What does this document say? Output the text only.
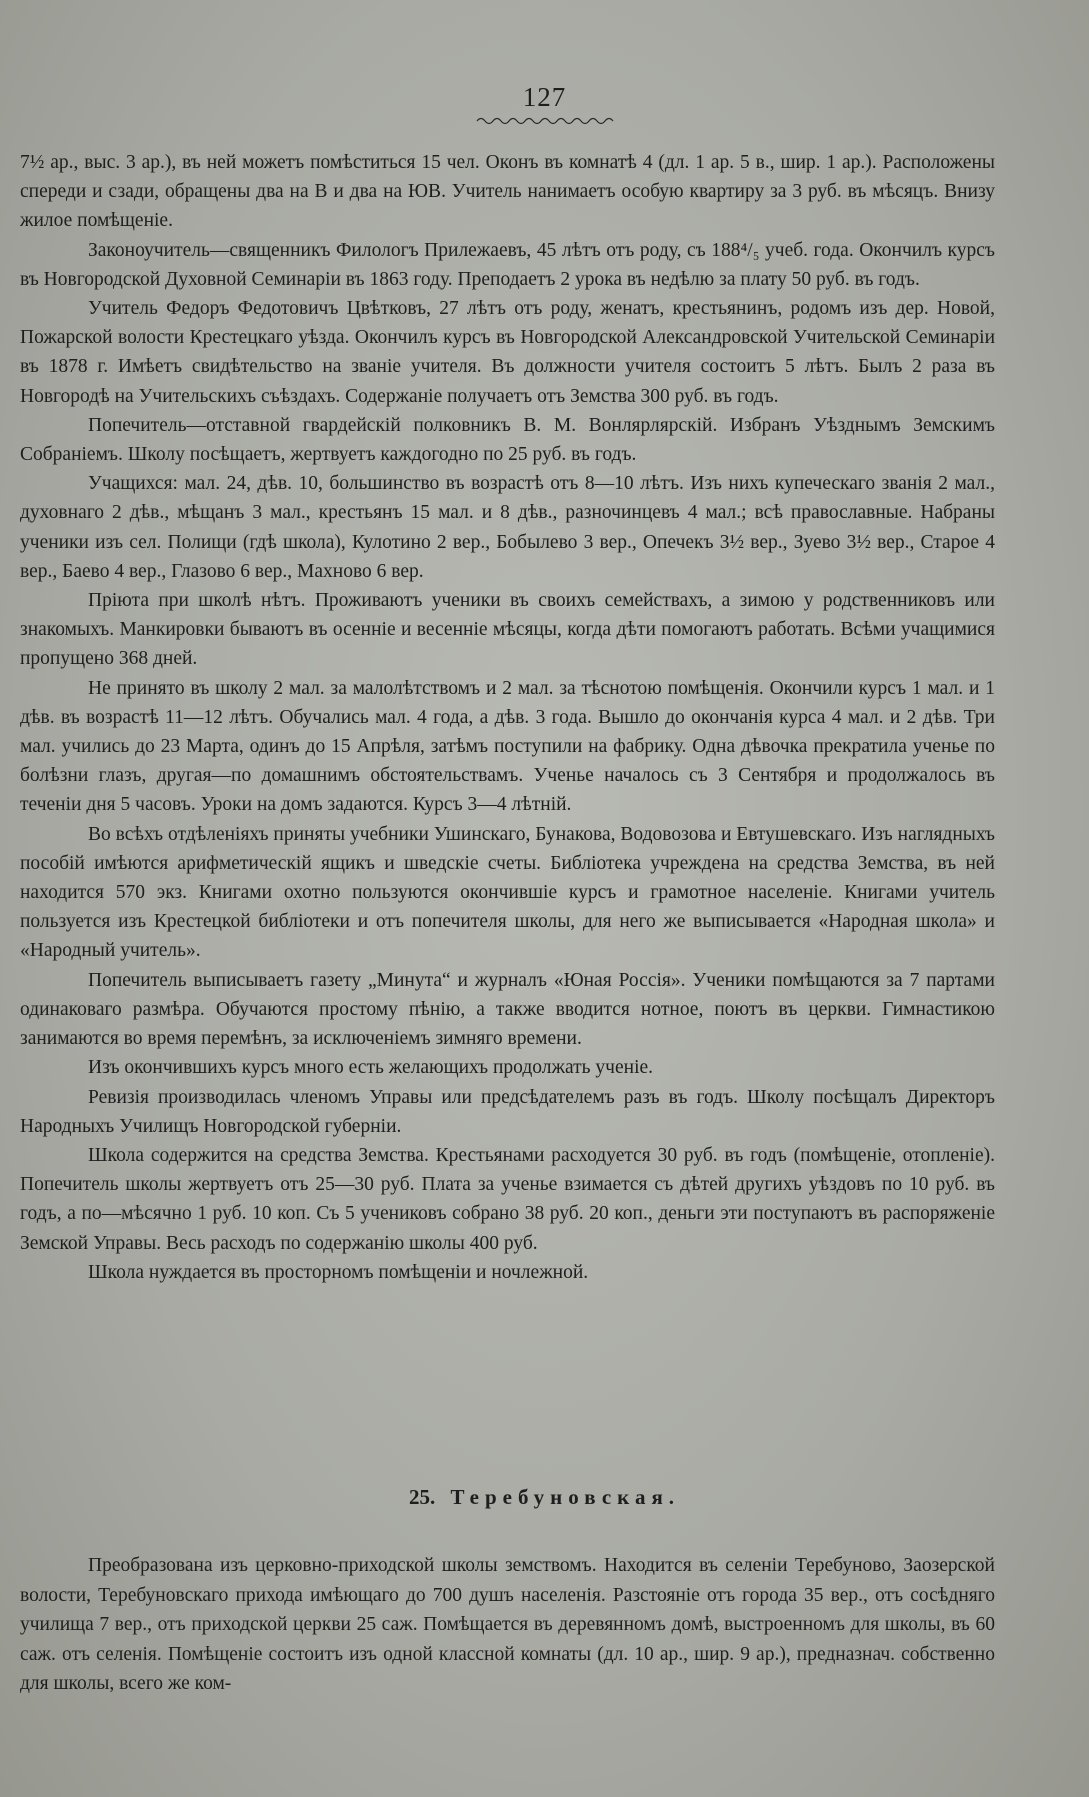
127

7½ ар., выс. 3 ар.), въ ней можетъ помѣститься 15 чел. Оконъ въ комнатѣ 4 (дл. 1 ар. 5 в., шир. 1 ар.). Расположены спереди и сзади, обращены два на В и два на ЮВ. Учитель нанимаетъ особую квартиру за 3 руб. въ мѣсяцъ. Внизу жилое помѣщеніе.

Законоучитель—священникъ Филологъ Прилежаевъ, 45 лѣтъ отъ роду, съ 188⁴/₅ учеб. года. Окончилъ курсъ въ Новгородской Духовной Семинаріи въ 1863 году. Преподаетъ 2 урока въ недѣлю за плату 50 руб. въ годъ.

Учитель Федоръ Федотовичъ Цвѣтковъ, 27 лѣтъ отъ роду, женатъ, крестьянинъ, родомъ изъ дер. Новой, Пожарской волости Крестецкаго уѣзда. Окончилъ курсъ въ Новгородской Александровской Учительской Семинаріи въ 1878 г. Имѣетъ свидѣтельство на званіе учителя. Въ должности учителя состоитъ 5 лѣтъ. Былъ 2 раза въ Новгородѣ на Учительскихъ съѣздахъ. Содержаніе получаетъ отъ Земства 300 руб. въ годъ.

Попечитель—отставной гвардейскій полковникъ В. М. Вонлярлярскій. Избранъ Уѣзднымъ Земскимъ Собраніемъ. Школу посѣщаетъ, жертвуетъ каждогодно по 25 руб. въ годъ.

Учащихся: мал. 24, дѣв. 10, большинство въ возрастѣ отъ 8—10 лѣтъ. Изъ нихъ купеческаго званія 2 мал., духовнаго 2 дѣв., мѣщанъ 3 мал., крестьянъ 15 мал. и 8 дѣв., разночинцевъ 4 мал.; всѣ православные. Набраны ученики изъ сел. Полищи (гдѣ школа), Кулотино 2 вер., Бобылево 3 вер., Опечекъ 3½ вер., Зуево 3½ вер., Старое 4 вер., Баево 4 вер., Глазово 6 вер., Махново 6 вер.

Пріюта при школѣ нѣтъ. Проживаютъ ученики въ своихъ семействахъ, а зимою у родственниковъ или знакомыхъ. Манкировки бываютъ въ осенніе и весенніе мѣсяцы, когда дѣти помогаютъ работать. Всѣми учащимися пропущено 368 дней.

Не принято въ школу 2 мал. за малолѣтствомъ и 2 мал. за тѣснотою помѣщенія. Окончили курсъ 1 мал. и 1 дѣв. въ возрастѣ 11—12 лѣтъ. Обучались мал. 4 года, а дѣв. 3 года. Вышло до окончанія курса 4 мал. и 2 дѣв. Три мал. учились до 23 Марта, одинъ до 15 Апрѣля, затѣмъ поступили на фабрику. Одна дѣвочка прекратила ученье по болѣзни глазъ, другая—по домашнимъ обстоятельствамъ. Ученье началось съ 3 Сентября и продолжалось въ теченіи дня 5 часовъ. Уроки на домъ задаются. Курсъ 3—4 лѣтній.

Во всѣхъ отдѣленіяхъ приняты учебники Ушинскаго, Бунакова, Водовозова и Евтушевскаго. Изъ наглядныхъ пособій имѣются арифметическій ящикъ и шведскіе счеты. Библіотека учреждена на средства Земства, въ ней находится 570 экз. Книгами охотно пользуются окончившіе курсъ и грамотное населеніе. Книгами учитель пользуется изъ Крестецкой библіотеки и отъ попечителя школы, для него же выписывается «Народная школа» и «Народный учитель».

Попечитель выписываетъ газету „Минута“ и журналъ «Юная Россія». Ученики помѣщаются за 7 партами одинаковаго размѣра. Обучаются простому пѣнію, а также вводится нотное, поютъ въ церкви. Гимнастикою занимаются во время перемѣнъ, за исключеніемъ зимняго времени.

Изъ окончившихъ курсъ много есть желающихъ продолжать ученіе.

Ревизія производилась членомъ Управы или предсѣдателемъ разъ въ годъ. Школу посѣщалъ Директоръ Народныхъ Училищъ Новгородской губерніи.

Школа содержится на средства Земства. Крестьянами расходуется 30 руб. въ годъ (помѣщеніе, отопленіе). Попечитель школы жертвуетъ отъ 25—30 руб. Плата за ученье взимается съ дѣтей другихъ уѣздовъ по 10 руб. въ годъ, а по—мѣсячно 1 руб. 10 коп. Съ 5 учениковъ собрано 38 руб. 20 коп., деньги эти поступаютъ въ распоряженіе Земской Управы. Весь расходъ по содержанію школы 400 руб.

Школа нуждается въ просторномъ помѣщеніи и ночлежной.

25. Теребуновская.

Преобразована изъ церковно-приходской школы земствомъ. Находится въ селеніи Теребуново, Заозерской волости, Теребуновскаго прихода имѣющаго до 700 душъ населенія. Разстояніе отъ города 35 вер., отъ сосѣдняго училища 7 вер., отъ приходской церкви 25 саж. Помѣщается въ деревянномъ домѣ, выстроенномъ для школы, въ 60 саж. отъ селенія. Помѣщеніе состоитъ изъ одной классной комнаты (дл. 10 ар., шир. 9 ар.), предназнач. собственно для школы, всего же ком-
